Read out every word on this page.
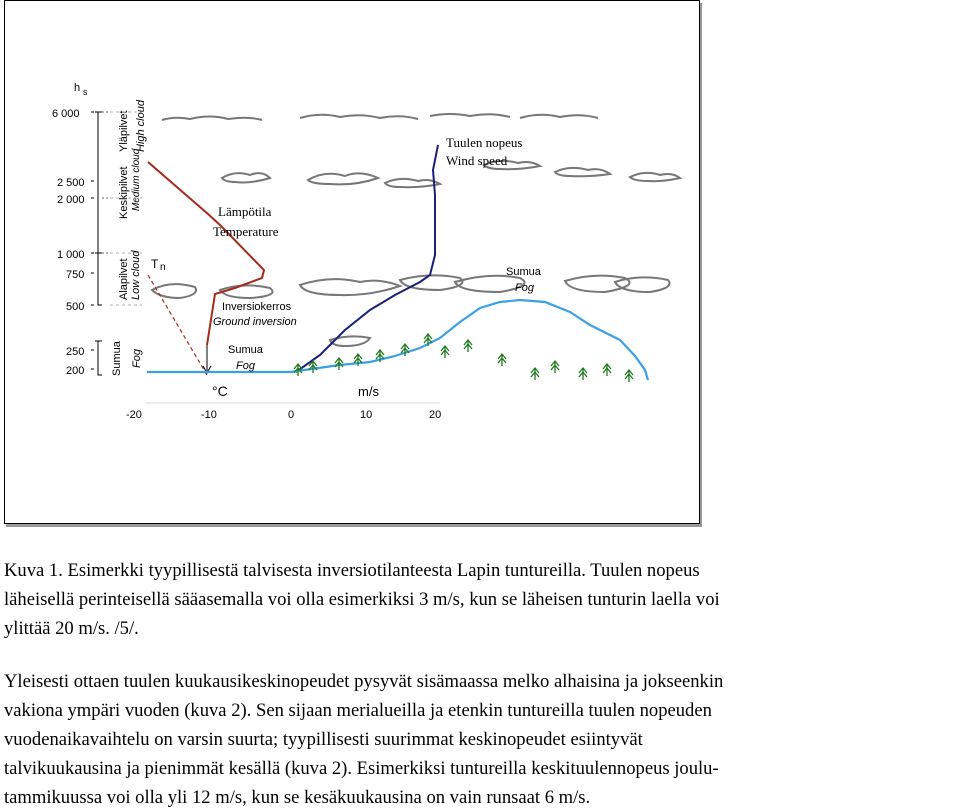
h s
6 000
2 500
2 000
1 000
750
500
250
200
Yläpilvet High cloud
Keskipilvet Medium cloud
Alapilvet Low cloud
Sumua Fog
T n
Lämpötila
Temperature
Inversiokerros
Ground inversion
Sumua
Fog
Tuulen nopeus
Wind speed
Sumua
Fog
°C	m/s
-20	-10	0	10	20
Kuva 1. Esimerkki tyypillisestä talvisesta inversiotilanteesta Lapin tuntureilla. Tuulen nopeus
läheisellä perinteisellä sääasemalla voi olla esimerkiksi 3 m/s, kun se läheisen tunturin laella voi
ylittää 20 m/s. /5/.
Yleisesti ottaen tuulen kuukausikeskinopeudet pysyvät sisämaassa melko alhaisina ja jokseenkin
vakiona ympäri vuoden (kuva 2). Sen sijaan merialueilla ja etenkin tuntureilla tuulen nopeuden
vuodenaikavaihtelu on varsin suurta; tyypillisesti suurimmat keskinopeudet esiintyvät
talvikuukausina ja pienimmät kesällä (kuva 2). Esimerkiksi tuntureilla keskituulennopeus joulu-
tammikuussa voi olla yli 12 m/s, kun se kesäkuukausina on vain runsaat 6 m/s.
